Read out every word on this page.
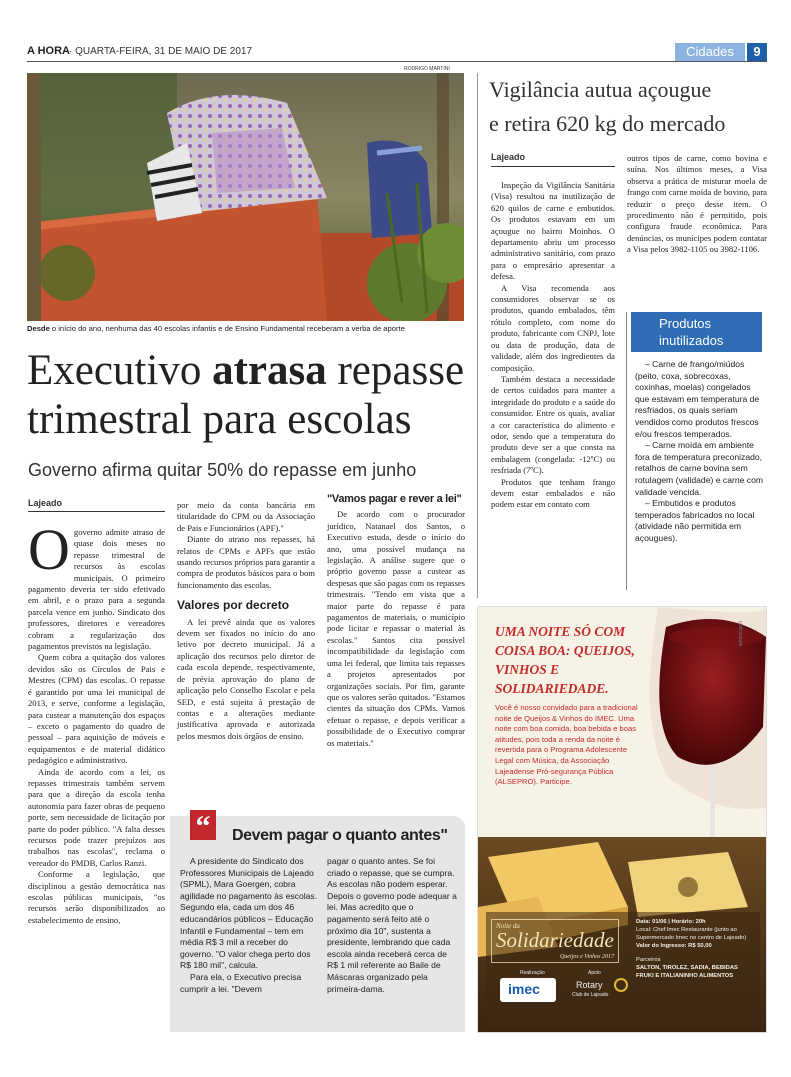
A HORA · QUARTA-FEIRA, 31 DE MAIO DE 2017	Cidades	9
RODRIGO MARTINI
Desde o início do ano, nenhuma das 40 escolas infantis e de Ensino Fundamental receberam a verba de aporte
Executivo atrasa repasse
trimestral para escolas
Governo afirma quitar 50% do repasse em junho
Lajeado
O governo admite atraso de quase dois meses no repasse trimestral de recursos às escolas municipais. O primeiro pagamento deveria ter sido efetivado em abril, e o prazo para a segunda parcela vence em junho. Sindicato dos professores, diretores e vereadores cobram a regularização dos pagamentos previstos na legislação.

Quem cobra a quitação dos valores devidos são os Círculos de Pais e Mestres (CPM) das escolas. O repasse é garantido por uma lei municipal de 2013, e serve, conforme a legislação, para custear a manutenção dos espaços – exceto o pagamento do quadro de pessoal – para aquisição de móveis e equipamentos e de material didático pedagógico e administrativo.

Ainda de acordo com a lei, os repasses trimestrais também servem para que a direção da escola tenha autonomia para fazer obras de pequeno porte, sem necessidade de licitação por parte do poder público. "A falta desses recursos pode trazer prejuízos aos trabalhos nas escolas", reclama o vereador do PMDB, Carlos Ranzi.

Conforme a legislação, que disciplinou a gestão democrática nas escolas públicas municipais, "os recursos serão disponibilizados ao estabelecimento de ensino,

por meio da conta bancária em titularidade do CPM ou da Associação de Pais e Funcionários (APF)."

Diante do atraso nos repasses, há relatos de CPMs e APFs que estão usando recursos próprios para garantir a compra de produtos básicos para o bom funcionamento das escolas.

Valores por decreto

A lei prevê ainda que os valores devem ser fixados no início do ano letivo por decreto municipal. Já a aplicação dos recursos pelo diretor de cada escola depende, respectivamente, de prévia aprovação do plano de aplicação pelo Conselho Escolar e pela SED, e está sujeita à prestação de contas e a alterações mediante justificativa aprovada e autorizada pelos mesmos dois órgãos de ensino.

"Vamos pagar e rever a lei"

De acordo com o procurador jurídico, Natanael dos Santos, o Executivo estuda, desde o início do ano, uma possível mudança na legislação. A análise sugere que o próprio governo passe a custear as despesas que são pagas com os repasses trimestrais. "Tendo em vista que a maior parte do repasse é para pagamentos de materiais, o município pode licitar e repassar o material às escolas." Santos cita possível incompatibilidade da legislação com uma lei federal, que limita tais repasses a projetos apresentados por organizações sociais. Por fim, garante que os valores serão quitados. "Estamos cientes da situação dos CPMs. Vamos efetuar o repasse, e depois verificar a possibilidade de o Executivo comprar os materiais."

“	Devem pagar o quanto antes"

A presidente do Sindicato dos Professores Municipais de Lajeado (SPML), Mara Goergen, cobra agilidade no pagamento às escolas. Segundo ela, cada um dos 46 educandários públicos – Educação Infantil e Fundamental – tem em média R$ 3 mil a receber do governo. "O valor chega perto dos R$ 180 mil", calcula.

Para ela, o Executivo precisa cumprir a lei. "Devem

pagar o quanto antes. Se foi criado o repasse, que se cumpra. As escolas não podem esperar. Depois o governo pode adequar a lei. Mas acredito que o pagamento será feito até o próximo dia 10", sustenta a presidente, lembrando que cada escola ainda receberá cerca de R$ 1 mil referente ao Baile de Máscaras organizado pela primeira-dama.

Vigilância autua açougue
e retira 620 kg do mercado
Lajeado

Inspeção da Vigilância Sanitária (Visa) resultou na inutilização de 620 quilos de carne e embutidos. Os produtos estavam em um açougue no bairro Moinhos. O departamento abriu um processo administrativo sanitário, com prazo para o empresário apresentar a defesa.

A Visa recomenda aos consumidores observar se os produtos, quando embalados, têm rótulo completo, com nome do produto, fabricante com CNPJ, lote ou data de produção, data de validade, além dos ingredientes da composição.

Também destaca a necessidade de certos cuidados para manter a integridade do produto e a saúde do consumidor. Entre os quais, avaliar a cor característica do alimento e odor, sendo que a temperatura do produto deve ser a que consta na embalagem (congelada: -12ºC) ou resfriada (7ºC).

Produtos que tenham frango devem estar embalados e não podem estar em contato com

outros tipos de carne, como bovina e suína. Nos últimos meses, a Visa observa a prática de misturar moela de frango com carne moída de bovino, para reduzir o preço desse item. O procedimento não é permitido, pois configura fraude econômica. Para denúncias, os munícipes podem contatar a Visa pelos 3982-1105 ou 3982-1106.

Produtos
inutilizados

– Carne de frango/miúdos (peito, coxa, sobrecoxas, coxinhas, moelas) congelados que estavam em temperatura de resfriados, os quais seriam vendidos como produtos frescos e/ou frescos temperados.

– Carne moída em ambiente fora de temperatura preconizado, retalhos de carne bovina sem rotulagem (validade) e carne com validade vencida.

– Embutidos e produtos temperados fabricados no local (atividade não permitida em açougues).

publicidade
UMA NOITE SÓ COM COISA BOA: QUEIJOS, VINHOS E SOLIDARIEDADE.
Você é nosso convidado para a tradicional noite de Queijos & Vinhos do IMEC. Uma noite com boa comida, boa bebida e boas atitudes, pois toda a renda da noite é revertida para o Programa Adolescente Legal com Música, da Associação Lajeadense Pró-segurança Pública (ALSEPRO). Participe.
Noite da
Solidariedade
Queijos e Vinhos 2017
Realização	Apoio
imec	Rotary
Club de Lajeado
Data: 01/06 | Horário: 20h
Local: Chef Imec Restaurante (junto ao Supermercado Imec no centro de Lajeado)
Valor do Ingresso: R$ 50,00
Parceiros
SALTON, TIROLEZ, SADIA, BEBIDAS FRUKI E ITALIANINHO ALIMENTOS
